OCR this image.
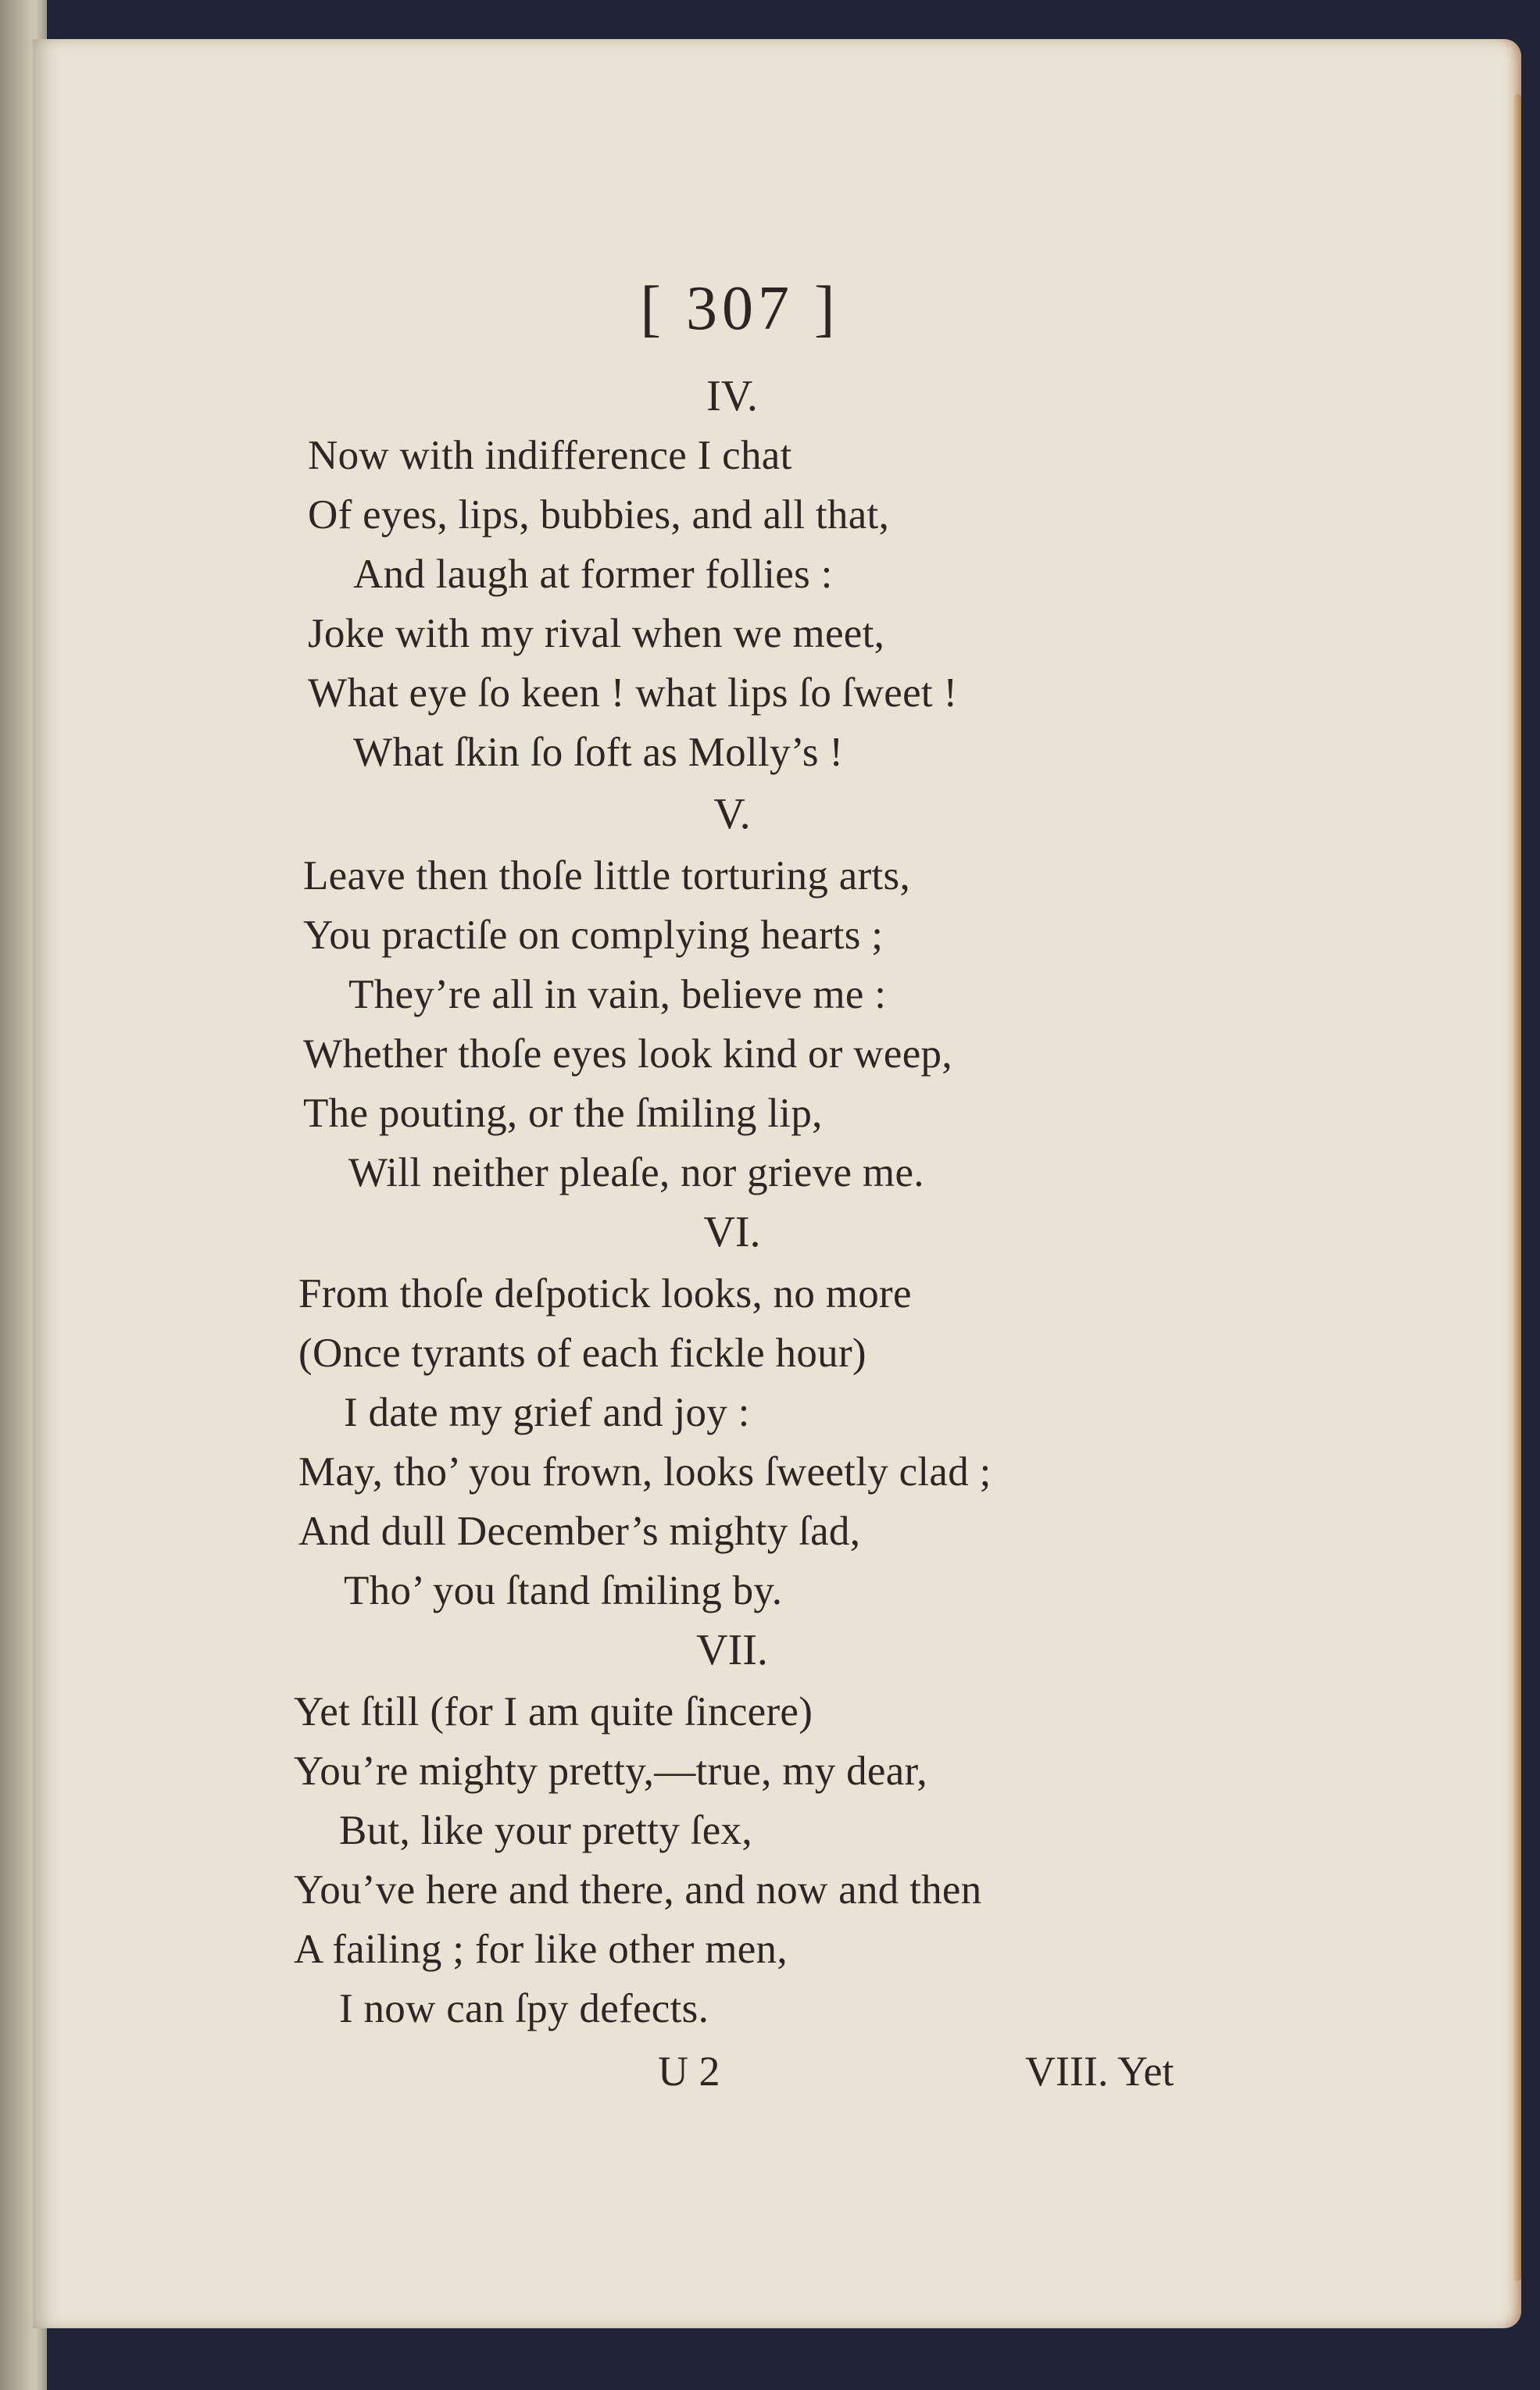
[ 307 ]
IV.
Now with indifference I chat
Of eyes, lips, bubbies, and all that,
And laugh at former follies :
Joke with my rival when we meet,
What eye ſo keen ! what lips ſo ſweet !
What ſkin ſo ſoft as Molly’s !
V.
Leave then thoſe little torturing arts,
You practiſe on complying hearts ;
They’re all in vain, believe me :
Whether thoſe eyes look kind or weep,
The pouting, or the ſmiling lip,
Will neither pleaſe, nor grieve me.
VI.
From thoſe deſpotick looks, no more
(Once tyrants of each fickle hour)
I date my grief and joy :
May, tho’ you frown, looks ſweetly clad ;
And dull December’s mighty ſad,
Tho’ you ſtand ſmiling by.
VII.
Yet ſtill (for I am quite ſincere)
You’re mighty pretty,—true, my dear,
But, like your pretty ſex,
You’ve here and there, and now and then
A failing ; for like other men,
I now can ſpy defects.
U 2	VIII. Yet
